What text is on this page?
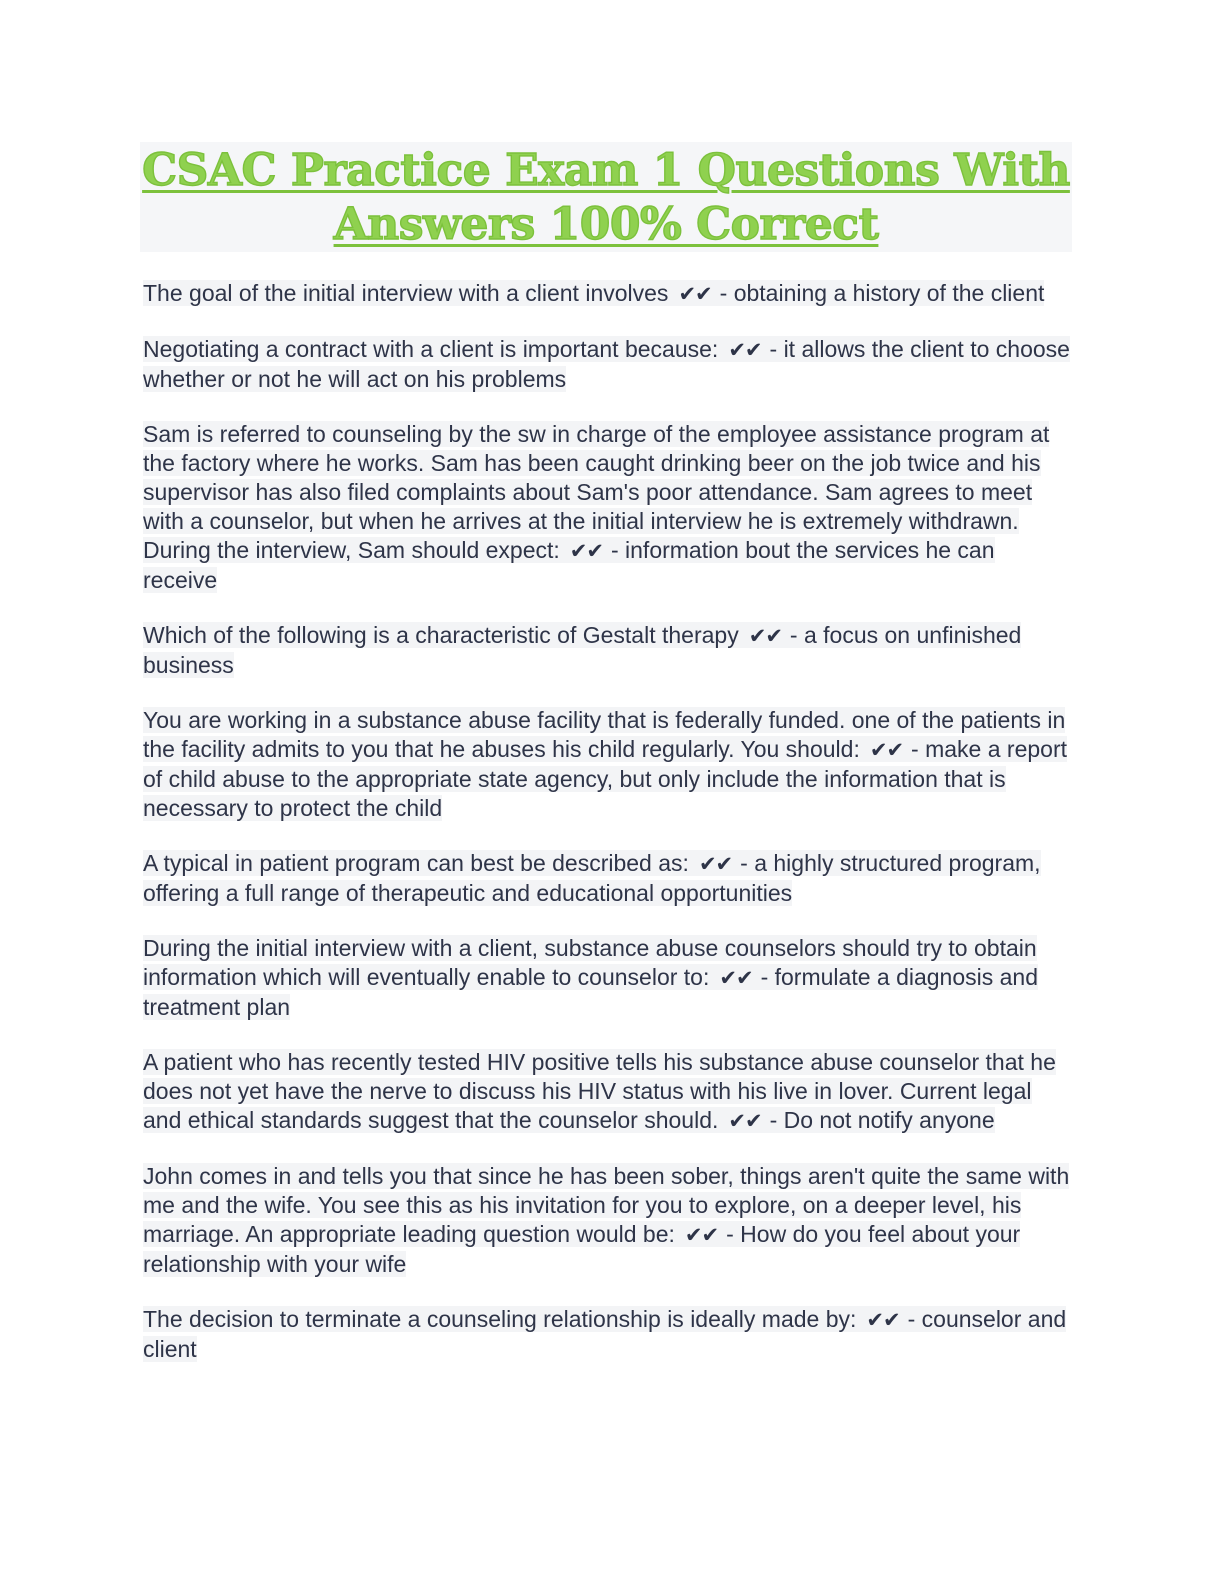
CSAC Practice Exam 1 Questions With
Answers 100% Correct

The goal of the initial interview with a client involves ✔✔ - obtaining a history of the client

Negotiating a contract with a client is important because: ✔✔ - it allows the client to choose whether or not he will act on his problems

Sam is referred to counseling by the sw in charge of the employee assistance program at the factory where he works. Sam has been caught drinking beer on the job twice and his supervisor has also filed complaints about Sam's poor attendance. Sam agrees to meet with a counselor, but when he arrives at the initial interview he is extremely withdrawn. During the interview, Sam should expect: ✔✔ - information bout the services he can receive

Which of the following is a characteristic of Gestalt therapy ✔✔ - a focus on unfinished business

You are working in a substance abuse facility that is federally funded. one of the patients in the facility admits to you that he abuses his child regularly. You should: ✔✔ - make a report of child abuse to the appropriate state agency, but only include the information that is necessary to protect the child

A typical in patient program can best be described as: ✔✔ - a highly structured program, offering a full range of therapeutic and educational opportunities

During the initial interview with a client, substance abuse counselors should try to obtain information which will eventually enable to counselor to: ✔✔ - formulate a diagnosis and treatment plan

A patient who has recently tested HIV positive tells his substance abuse counselor that he does not yet have the nerve to discuss his HIV status with his live in lover. Current legal and ethical standards suggest that the counselor should. ✔✔ - Do not notify anyone

John comes in and tells you that since he has been sober, things aren't quite the same with me and the wife. You see this as his invitation for you to explore, on a deeper level, his marriage. An appropriate leading question would be: ✔✔ - How do you feel about your relationship with your wife

The decision to terminate a counseling relationship is ideally made by: ✔✔ - counselor and client
